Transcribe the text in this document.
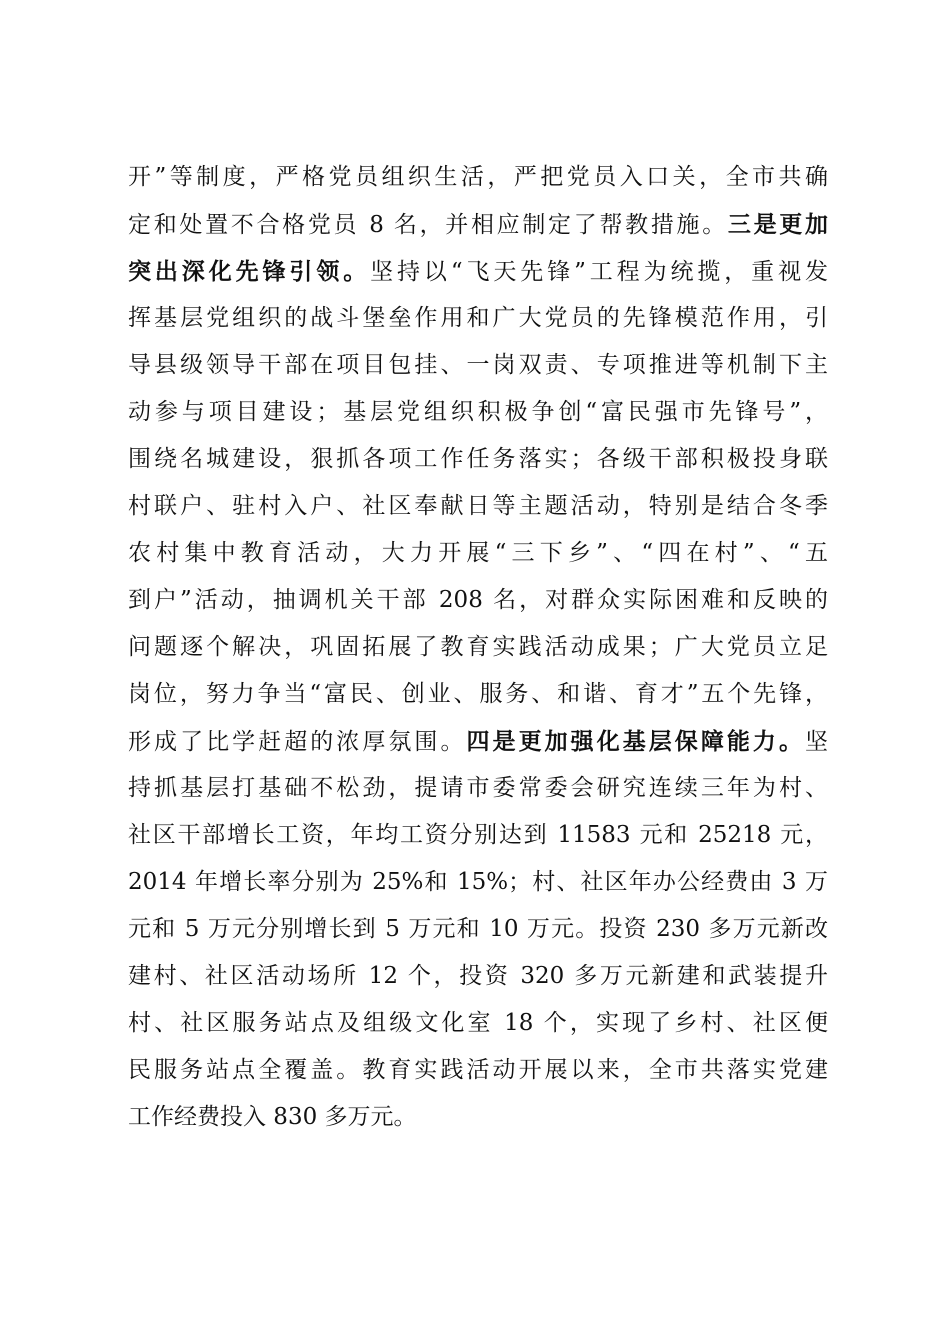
开”等制度，严格党员组织生活，严把党员入口关，全市共确
定和处置不合格党员 8 名，并相应制定了帮教措施。三是更加
突出深化先锋引领。坚持以“飞天先锋”工程为统揽，重视发
挥基层党组织的战斗堡垒作用和广大党员的先锋模范作用，引
导县级领导干部在项目包挂、一岗双责、专项推进等机制下主
动参与项目建设；基层党组织积极争创“富民强市先锋号”，
围绕名城建设，狠抓各项工作任务落实；各级干部积极投身联
村联户、驻村入户、社区奉献日等主题活动，特别是结合冬季
农村集中教育活动，大力开展“三下乡”、“四在村”、“五
到户”活动，抽调机关干部 208 名，对群众实际困难和反映的
问题逐个解决，巩固拓展了教育实践活动成果；广大党员立足
岗位，努力争当“富民、创业、服务、和谐、育才”五个先锋，
形成了比学赶超的浓厚氛围。四是更加强化基层保障能力。坚
持抓基层打基础不松劲，提请市委常委会研究连续三年为村、
社区干部增长工资，年均工资分别达到 11583 元和 25218 元，
2014 年增长率分别为 25%和 15%；村、社区年办公经费由 3 万
元和 5 万元分别增长到 5 万元和 10 万元。投资 230 多万元新改
建村、社区活动场所 12 个，投资 320 多万元新建和武装提升
村、社区服务站点及组级文化室 18 个，实现了乡村、社区便
民服务站点全覆盖。教育实践活动开展以来，全市共落实党建
工作经费投入 830 多万元。
